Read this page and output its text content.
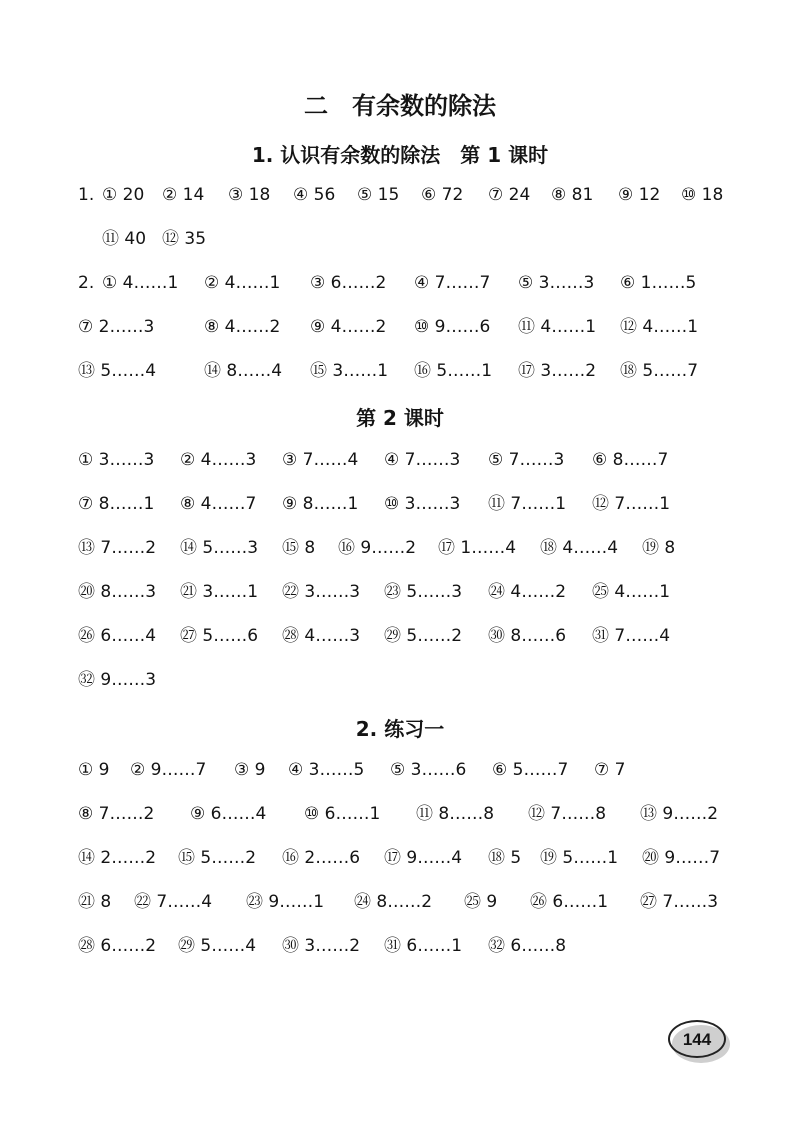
二　有余数的除法
1. 认识有余数的除法　第 1 课时
1. ① 20 ② 14 ③ 18 ④ 56 ⑤ 15 ⑥ 72 ⑦ 24 ⑧ 81 ⑨ 12 ⑩ 18
⑪ 40 ⑫ 35
2. ① 4……1 ② 4……1 ③ 6……2 ④ 7……7 ⑤ 3……3 ⑥ 1……5
⑦ 2……3	⑧ 4……2 ⑨ 4……2 ⑩ 9……6 ⑪ 4……1 ⑫ 4……1
⑬ 5……4	⑭ 8……4 ⑮ 3……1 ⑯ 5……1 ⑰ 3……2 ⑱ 5……7
① 3……3 ② 4……3 ③ 7……4 ④ 7……3 ⑤ 7……3 ⑥ 8……7
⑦ 8……1 ⑧ 4……7 ⑨ 8……1 ⑩ 3……3 ⑪ 7……1 ⑫ 7……1
⑬ 7……2 ⑭ 5……3 ⑮ 8 ⑯ 9……2 ⑰ 1……4 ⑱ 4……4 ⑲ 8
⑳ 8……3 ㉑ 3……1 ㉒ 3……3 ㉓ 5……3 ㉔ 4……2 ㉕ 4……1
㉖ 6……4 ㉗ 5……6 ㉘ 4……3 ㉙ 5……2 ㉚ 8……6 ㉛ 7……4
㉜ 9……3
① 9 ② 9……7 ③ 9 ④ 3……5 ⑤ 3……6 ⑥ 5……7 ⑦ 7
⑧ 7……2 ⑨ 6……4 ⑩ 6……1 ⑪ 8……8 ⑫ 7……8 ⑬ 9……2
⑭ 2……2 ⑮ 5……2 ⑯ 2……6 ⑰ 9……4 ⑱ 5 ⑲ 5……1 ⑳ 9……7
㉑ 8 ㉒ 7……4 ㉓ 9……1 ㉔ 8……2 ㉕ 9 ㉖ 6……1 ㉗ 7……3
㉘ 6……2 ㉙ 5……4 ㉚ 3……2 ㉛ 6……1 ㉜ 6……8
第 2 课时
2. 练习一
144
